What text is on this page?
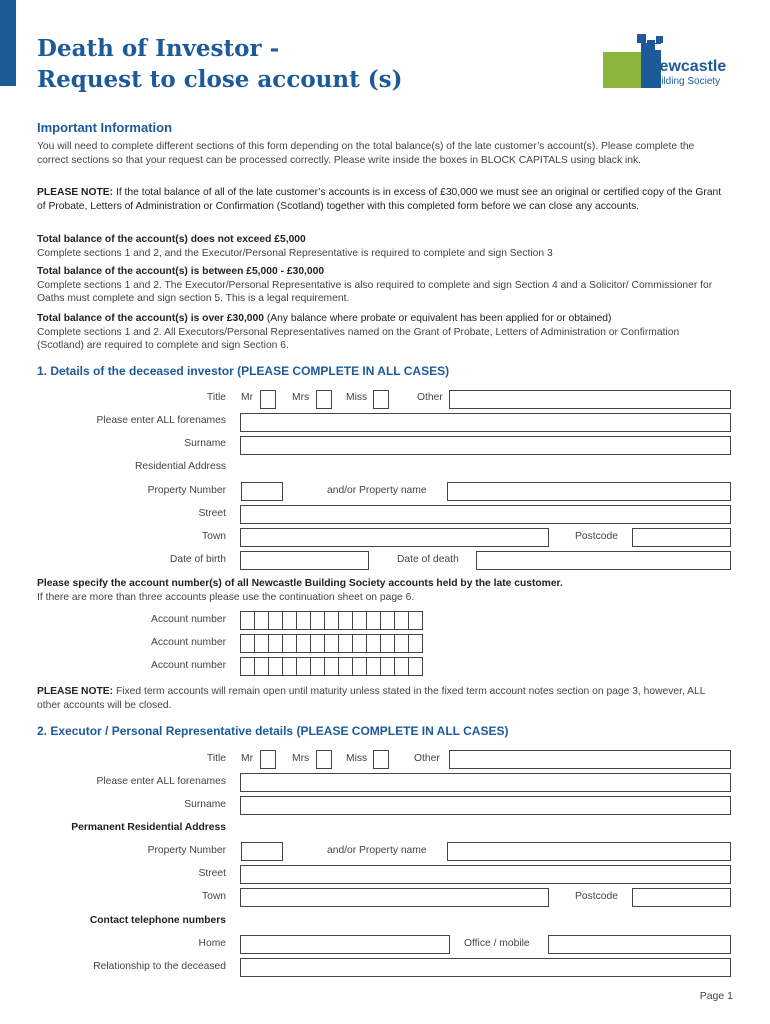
Death of Investor -
Request to close account (s)	Newcastle
Building Society
Important Information
You will need to complete different sections of this form depending on the total balance(s) of the late customer’s account(s). Please complete the correct sections so that your request can be processed correctly. Please write inside the boxes in BLOCK CAPITALS using black ink.
PLEASE NOTE: If the total balance of all of the late customer’s accounts is in excess of £30,000 we must see an original or certified copy of the Grant of Probate, Letters of Administration or Confirmation (Scotland) together with this completed form before we can close any accounts.
Total balance of the account(s) does not exceed £5,000
Complete sections 1 and 2, and the Executor/Personal Representative is required to complete and sign Section 3
Total balance of the account(s) is between £5,000 - £30,000
Complete sections 1 and 2. The Executor/Personal Representative is also required to complete and sign Section 4 and a Solicitor/ Commissioner for Oaths must complete and sign section 5. This is a legal requirement.
Total balance of the account(s) is over £30,000 (Any balance where probate or equivalent has been applied for or obtained)
Complete sections 1 and 2. All Executors/Personal Representatives named on the Grant of Probate, Letters of Administration or Confirmation (Scotland) are required to complete and sign Section 6.
1. Details of the deceased investor (PLEASE COMPLETE IN ALL CASES)
Title Mr	Mrs	Miss	Other
Please enter ALL forenames
Surname
Residential Address
Property Number	and/or Property name
Street
Town	Postcode
Date of birth	Date of death
Please specify the account number(s) of all Newcastle Building Society accounts held by the late customer.
If there are more than three accounts please use the continuation sheet on page 6.
Account number
Account number
Account number
PLEASE NOTE: Fixed term accounts will remain open until maturity unless stated in the fixed term account notes section on page 3, however, ALL other accounts will be closed.
2. Executor / Personal Representative details (PLEASE COMPLETE IN ALL CASES)
Title Mr	Mrs	Miss	Other
Please enter ALL forenames
Surname
Permanent Residential Address
Property Number	and/or Property name
Street
Town	Postcode
Contact telephone numbers
Home	Office / mobile
Relationship to the deceased
Page 1
